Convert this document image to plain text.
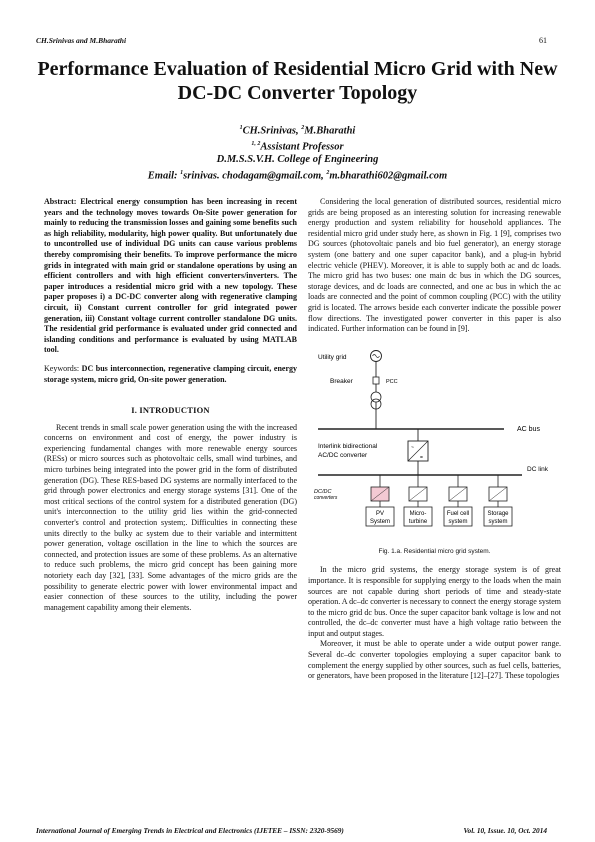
CH.Srinivas and M.Bharathi	61
Performance Evaluation of Residential Micro Grid with New DC-DC Converter Topology
$^1$CH.Srinivas, $^2$M.Bharathi
$^{1, 2}$Assistant Professor
D.M.S.S.V.H. College of Engineering
Email: $^1$srinivas. chodagam@gmail.com, $^2$m.bharathi602@gmail.com

Abstract: Electrical energy consumption has been increasing in recent years and the technology moves towards On-Site power generation for mainly to reducing the transmission losses and gaining some benefits such as high reliability, modularity, high power quality. But unfortunately due to uncontrolled use of individual DG units can cause various problems thereby compromising their benefits. To improve performance the micro grids in integrated with main grid or standalone operations by using an efficient controllers and with high efficient converters/inverters. The paper introduces a residential micro grid with a new topology. These paper proposes i) a DC-DC converter along with regenerative clamping circuit, ii) Constant current controller for grid integrated power generation, iii) Constant voltage current controller standalone DG units. The residential grid performance is evaluated under grid connected and islanding conditions and performance is evaluated by using MATLAB tool.

Keywords: DC bus interconnection, regenerative clamping circuit, energy storage system, micro grid, On-site power generation.

I. INTRODUCTION

Recent trends in small scale power generation using the with the increased concerns on environment and cost of energy, the power industry is experiencing fundamental changes with more renewable energy sources (RESs) or micro sources such as photovoltaic cells, small wind turbines, and micro turbines being integrated into the power grid in the form of distributed generation (DG). These RES-based DG systems are normally interfaced to the grid through power electronics and energy storage systems [31]. One of the most critical sections of the control system for a distributed generation (DG) unit's interconnection to the utility grid lies within the grid-connected converter's control and protection system;. Difficulties in connecting these units directly to the bulky ac system due to their variable and intermittent power generation, voltage oscillation in the line to which the sources are connected, and protection issues are some of these problems. As an alternative to reduce such problems, the micro grid concept has been gaining more notoriety each day [32], [33]. Some advantages of the micro grids are the possibility to generate electric power with lower environmental impact and easier connection of these sources to the utility, including the power management capability among their elements.

Considering the local generation of distributed sources, residential micro grids are being proposed as an interesting solution for increasing renewable energy production and system reliability for household appliances. The residential micro grid under study here, as shown in Fig. 1 [9], comprises two DG sources (photovoltaic panels and bio fuel generator), an energy storage system (one battery and one super capacitor bank), and a plug-in hybrid electric vehicle (PHEV). Moreover, it is able to supply both ac and dc loads. The micro grid has two buses: one main dc bus in which the DG sources, storage devices, and dc loads are connected, and one ac bus in which the ac loads are connected and the point of common coupling (PCC) with the utility grid is located. The arrows beside each converter indicate the possible power flow directions. The investigated power converter in this paper is also indicated. Further information can be found in [9].

Utility grid
Breaker	PCC
AC bus
Interlink bidirectional
AC/DC converter
~
=
DC link
DC/DC
converters
PV
System
Micro-
turbine
Fuel cell
system
Storage
system
Fig. 1.a. Residential micro grid system.

In the micro grid systems, the energy storage system is of great importance. It is responsible for supplying energy to the loads when the main sources are not capable during short periods of time and steady-state operation. A dc–dc converter is necessary to connect the energy storage system to the micro grid dc bus. Once the super capacitor bank voltage is low and not controlled, the dc–dc converter must have a high voltage ratio between the input and output stages.

Moreover, it must be able to operate under a wide output power range. Several dc–dc converter topologies employing a super capacitor bank to complement the energy supplied by other sources, such as fuel cells, batteries, or generators, have been proposed in the literature [12]–[27]. These topologies

International Journal of Emerging Trends in Electrical and Electronics (IJETEE – ISSN: 2320-9569)	Vol. 10, Issue. 10, Oct. 2014
